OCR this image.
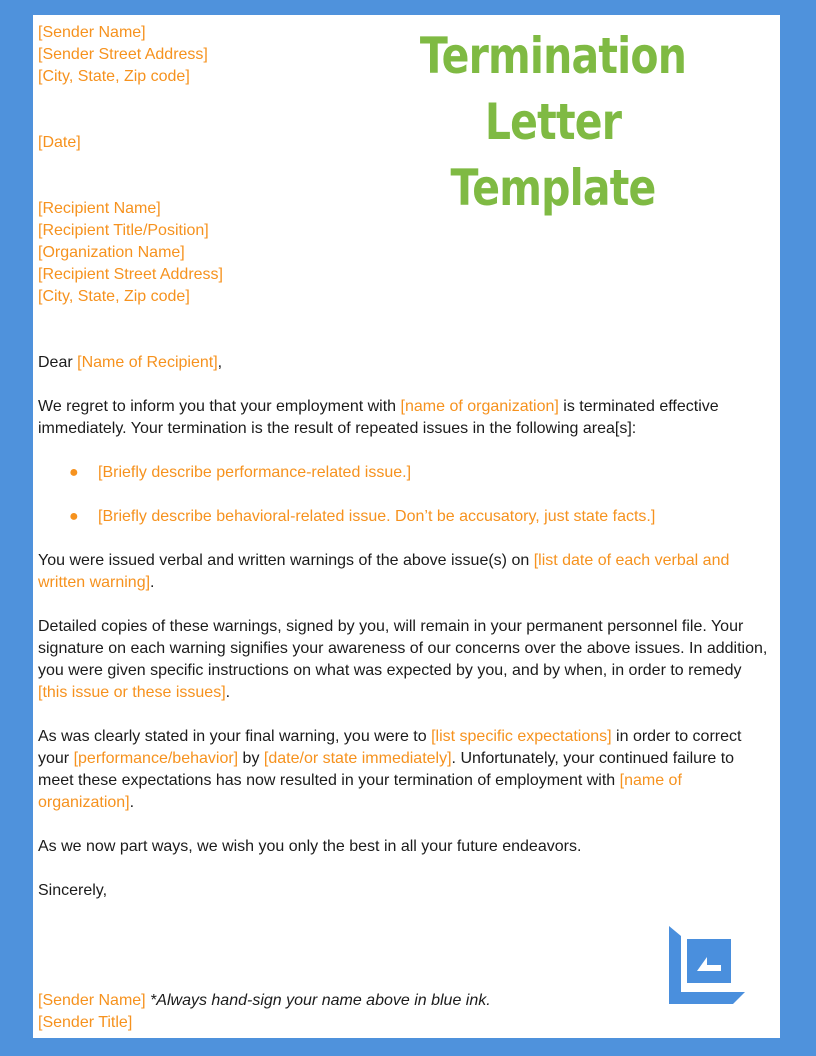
Termination
Letter Template
[Sender Name]
[Sender Street Address]
[City, State, Zip code]
[Date]
[Recipient Name]
[Recipient Title/Position]
[Organization Name]
[Recipient Street Address]
[City, State, Zip code]
Dear [Name of Recipient],
We regret to inform you that your employment with [name of organization] is terminated effective immediately. Your termination is the result of repeated issues in the following area[s]:
● [Briefly describe performance-related issue.]
● [Briefly describe behavioral-related issue. Don’t be accusatory, just state facts.]
You were issued verbal and written warnings of the above issue(s) on [list date of each verbal and written warning].
Detailed copies of these warnings, signed by you, will remain in your permanent personnel file. Your signature on each warning signifies your awareness of our concerns over the above issues. In addition, you were given specific instructions on what was expected by you, and by when, in order to remedy [this issue or these issues].
As was clearly stated in your final warning, you were to [list specific expectations] in order to correct your [performance/behavior] by [date/or state immediately]. Unfortunately, your continued failure to meet these expectations has now resulted in your termination of employment with [name of organization].
As we now part ways, we wish you only the best in all your future endeavors.
Sincerely,
[Sender Name] *Always hand-sign your name above in blue ink.
[Sender Title]
